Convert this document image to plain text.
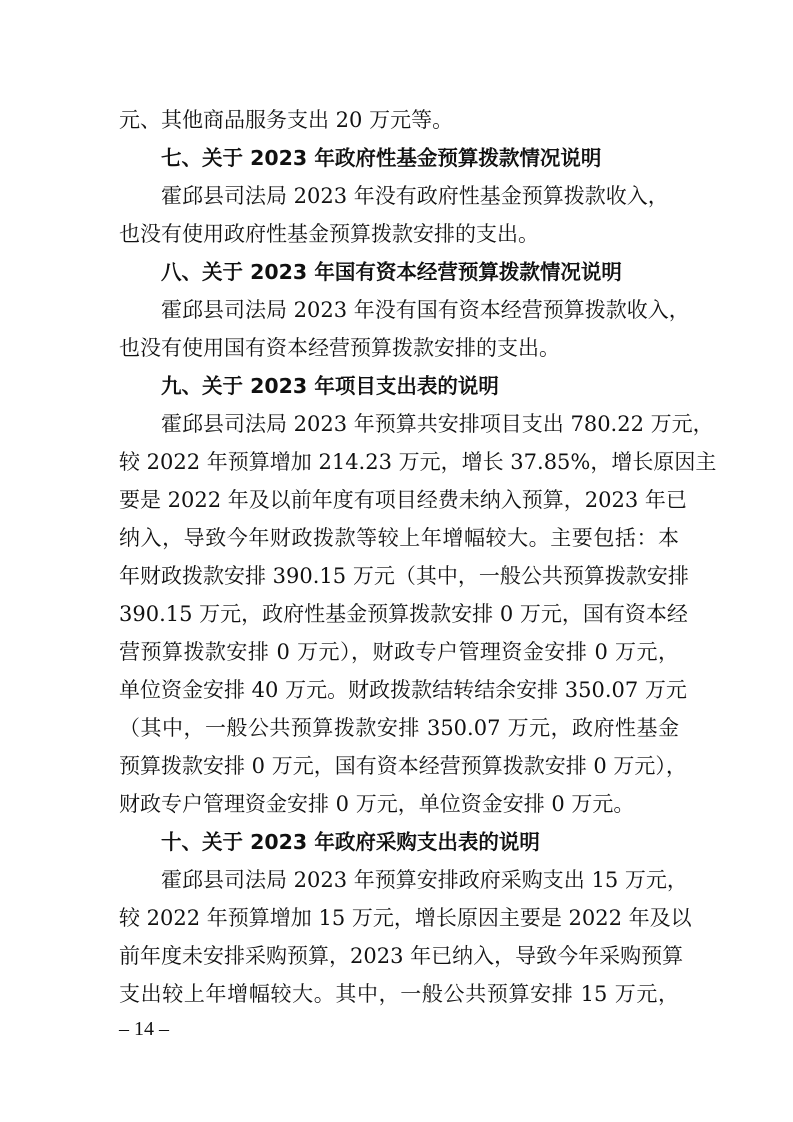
元、其他商品服务支出 20 万元等。
七、关于 2023 年政府性基金预算拨款情况说明
霍邱县司法局 2023 年没有政府性基金预算拨款收入，
也没有使用政府性基金预算拨款安排的支出。
八、关于 2023 年国有资本经营预算拨款情况说明
霍邱县司法局 2023 年没有国有资本经营预算拨款收入，
也没有使用国有资本经营预算拨款安排的支出。
九、关于 2023 年项目支出表的说明
霍邱县司法局 2023 年预算共安排项目支出 780.22 万元，
较 2022 年预算增加 214.23 万元，增长 37.85%，增长原因主
要是 2022 年及以前年度有项目经费未纳入预算，2023 年已
纳入，导致今年财政拨款等较上年增幅较大。主要包括：本
年财政拨款安排 390.15 万元（其中，一般公共预算拨款安排
390.15 万元，政府性基金预算拨款安排 0 万元，国有资本经
营预算拨款安排 0 万元），财政专户管理资金安排 0 万元，
单位资金安排 40 万元。财政拨款结转结余安排 350.07 万元
（其中，一般公共预算拨款安排 350.07 万元，政府性基金
预算拨款安排 0 万元，国有资本经营预算拨款安排 0 万元），
财政专户管理资金安排 0 万元，单位资金安排 0 万元。
十、关于 2023 年政府采购支出表的说明
霍邱县司法局 2023 年预算安排政府采购支出 15 万元，
较 2022 年预算增加 15 万元，增长原因主要是 2022 年及以
前年度未安排采购预算，2023 年已纳入，导致今年采购预算
支出较上年增幅较大。其中，一般公共预算安排 15 万元，
– 14 –
